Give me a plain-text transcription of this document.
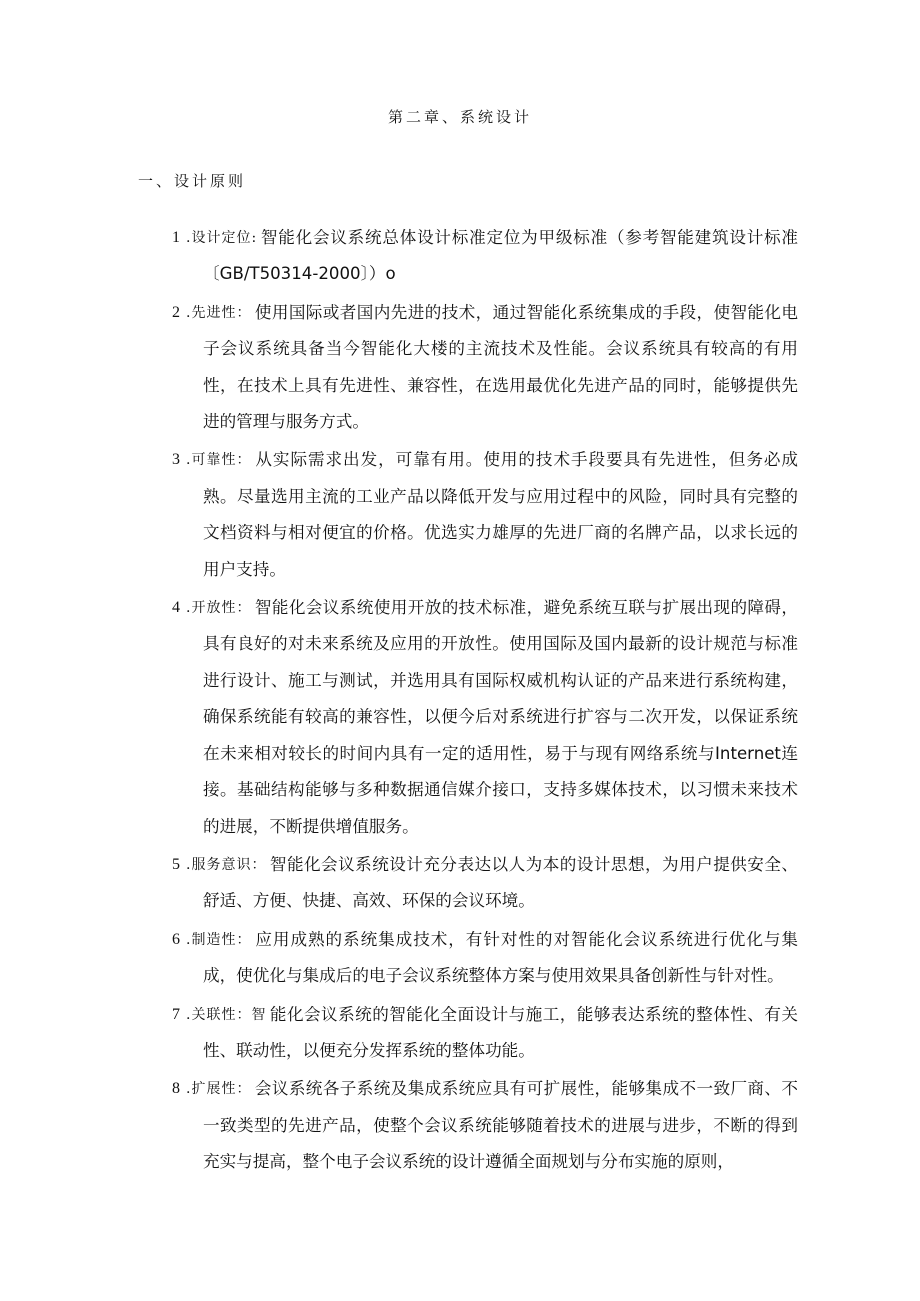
第二章、系统设计
一、设计原则
1	智能化会议系统总体设计标准定位为甲级标准（参考智能建筑设计标准〔GB/T50314-2000〕）o
.设计定位:
2	使用国际或者国内先进的技术，通过智能化系统集成的手段，使智能化电子会议系统具备当今智能化大楼的主流技术及性能。会议系统具有较高的有用性，在技术上具有先进性、兼容性，在选用最优化先进产品的同时，能够提供先进的管理与服务方式。
.先进性：
3	从实际需求出发，可靠有用。使用的技术手段要具有先进性，但务必成熟。尽量选用主流的工业产品以降低开发与应用过程中的风险，同时具有完整的文档资料与相对便宜的价格。优选实力雄厚的先进厂商的名牌产品，以求长远的用户支持。
.可靠性：
4	智能化会议系统使用开放的技术标准，避免系统互联与扩展出现的障碍，具有良好的对未来系统及应用的开放性。使用国际及国内最新的设计规范与标准进行设计、施工与测试，并选用具有国际权威机构认证的产品来进行系统构建，确保系统能有较高的兼容性，以便今后对系统进行扩容与二次开发，以保证系统在未来相对较长的时间内具有一定的适用性，易于与现有网络系统与Internet连接。基础结构能够与多种数据通信媒介接口，支持多媒体技术，以习惯未来技术的进展，不断提供增值服务。
.开放性：
5	智能化会议系统设计充分表达以人为本的设计思想，为用户提供安全、舒适、方便、快捷、高效、环保的会议环境。
.服务意识：
6	应用成熟的系统集成技术，有针对性的对智能化会议系统进行优化与集成，使优化与集成后的电子会议系统整体方案与使用效果具备创新性与针对性。
.制造性：
7	能化会议系统的智能化全面设计与施工，能够表达系统的整体性、有关性、联动性，以便充分发挥系统的整体功能。
.关联性：智
8	会议系统各子系统及集成系统应具有可扩展性，能够集成不一致厂商、不一致类型的先进产品，使整个会议系统能够随着技术的进展与进步，不断的得到充实与提高，整个电子会议系统的设计遵循全面规划与分布实施的原则，
.扩展性：
